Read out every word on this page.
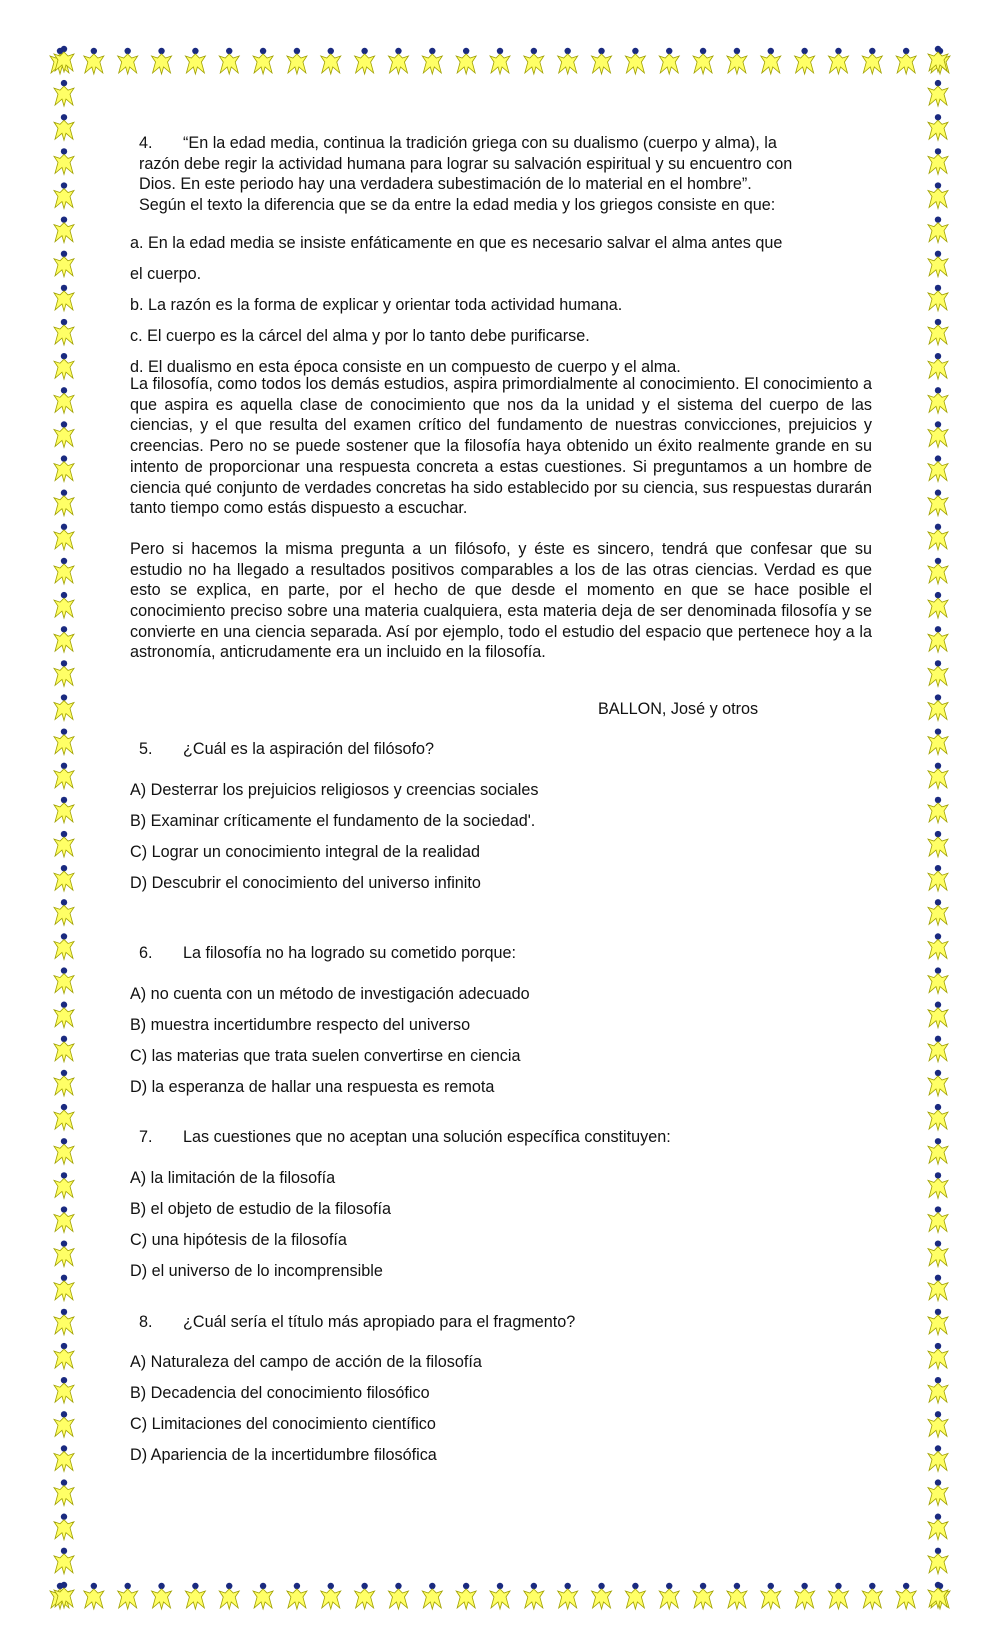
4. “En la edad media, continua la tradición griega con su dualismo (cuerpo y alma), la
razón debe regir la actividad humana para lograr su salvación espiritual y su encuentro con
Dios. En este periodo hay una verdadera subestimación de lo material en el hombre”.
Según el texto la diferencia que se da entre la edad media y los griegos consiste en que:
a. En la edad media se insiste enfáticamente en que es necesario salvar el alma antes que
el cuerpo.
b. La razón es la forma de explicar y orientar toda actividad humana.
c. El cuerpo es la cárcel del alma y por lo tanto debe purificarse.
d. El dualismo en esta época consiste en un compuesto de cuerpo y el alma.

La filosofía, como todos los demás estudios, aspira primordialmente al conocimiento. El conocimiento a que aspira es aquella clase de conocimiento que nos da la unidad y el sistema del cuerpo de las ciencias, y el que resulta del examen crítico del fundamento de nuestras convicciones, prejuicios y creencias. Pero no se puede sostener que la filosofía haya obtenido un éxito realmente grande en su intento de proporcionar una respuesta concreta a estas cuestiones. Si preguntamos a un hombre de ciencia qué conjunto de verdades concretas ha sido establecido por su ciencia, sus respuestas durarán tanto tiempo como estás dispuesto a escuchar.

Pero si hacemos la misma pregunta a un filósofo, y éste es sincero, tendrá que confesar que su estudio no ha llegado a resultados positivos comparables a los de las otras ciencias. Verdad es que esto se explica, en parte, por el hecho de que desde el momento en que se hace posible el conocimiento preciso sobre una materia cualquiera, esta materia deja de ser denominada filosofía y se convierte en una ciencia separada. Así por ejemplo, todo el estudio del espacio que pertenece hoy a la astronomía, anticrudamente era un incluido en la filosofía.

BALLON, José y otros
5. ¿Cuál es la aspiración del filósofo?
A) Desterrar los prejuicios religiosos y creencias sociales
B) Examinar críticamente el fundamento de la sociedad'.
C) Lograr un conocimiento integral de la realidad
D) Descubrir el conocimiento del universo infinito
6. La filosofía no ha logrado su cometido porque:
A) no cuenta con un método de investigación adecuado
B) muestra incertidumbre respecto del universo
C) las materias que trata suelen convertirse en ciencia
D) la esperanza de hallar una respuesta es remota
7. Las cuestiones que no aceptan una solución específica constituyen:
A) la limitación de la filosofía
B) el objeto de estudio de la filosofía
C) una hipótesis de la filosofía
D) el universo de lo incomprensible
8. ¿Cuál sería el título más apropiado para el fragmento?
A) Naturaleza del campo de acción de la filosofía
B) Decadencia del conocimiento filosófico
C) Limitaciones del conocimiento científico
D) Apariencia de la incertidumbre filosófica
